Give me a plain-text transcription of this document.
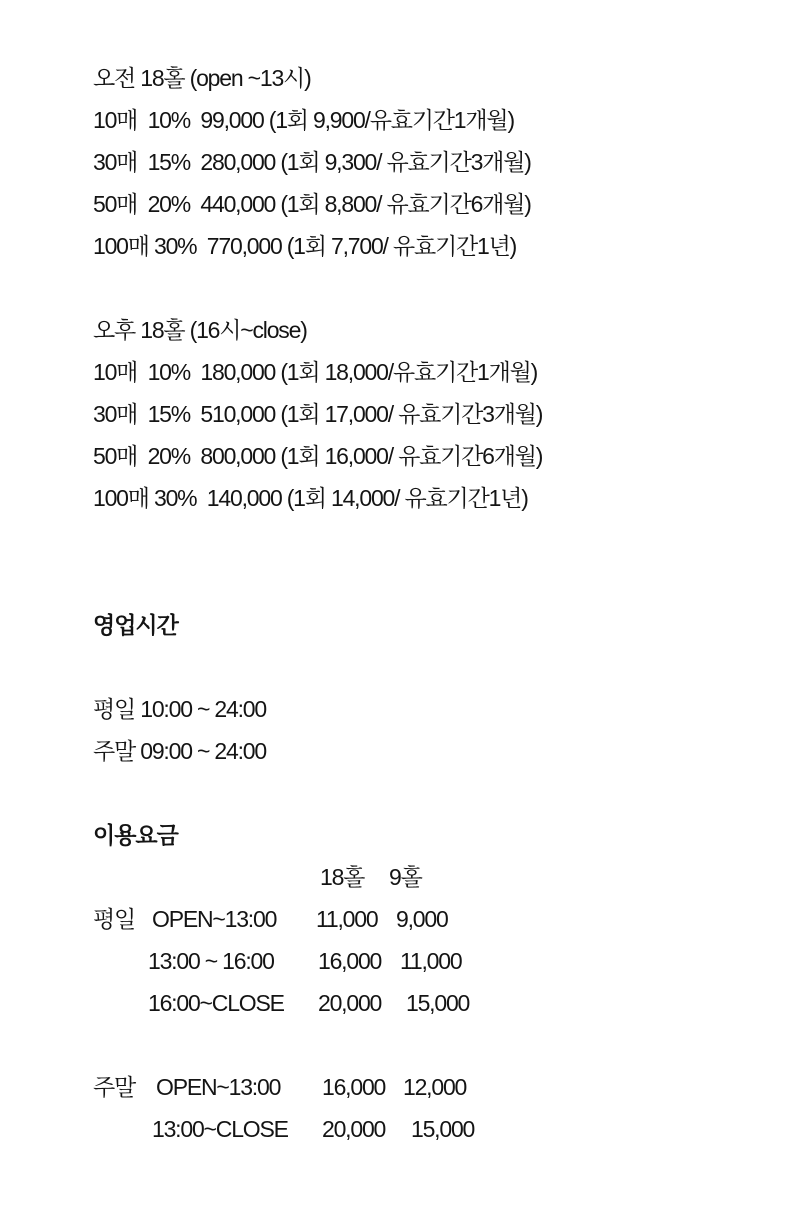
오전 18홀 (open ~13시)

10매  10%  99,000 (1회 9,900/유효기간1개월)

30매  15%  280,000 (1회 9,300/ 유효기간3개월)

50매  20%  440,000 (1회 8,800/ 유효기간6개월)

100매 30%  770,000 (1회 7,700/ 유효기간1년)

오후 18홀 (16시~close)

10매  10%  180,000 (1회 18,000/유효기간1개월)

30매  15%  510,000 (1회 17,000/ 유효기간3개월)

50매  20%  800,000 (1회 16,000/ 유효기간6개월)

100매 30%  140,000 (1회 14,000/ 유효기간1년)

영업시간

평일 10:00 ~ 24:00

주말 09:00 ~ 24:00

이용요금
18홀 9홀
평일 OPEN~13:00 11,000 9,000
13:00 ~ 16:00 16,000 11,000
16:00~CLOSE 20,000 15,000
주말 OPEN~13:00 16,000 12,000
13:00~CLOSE 20,000 15,000
